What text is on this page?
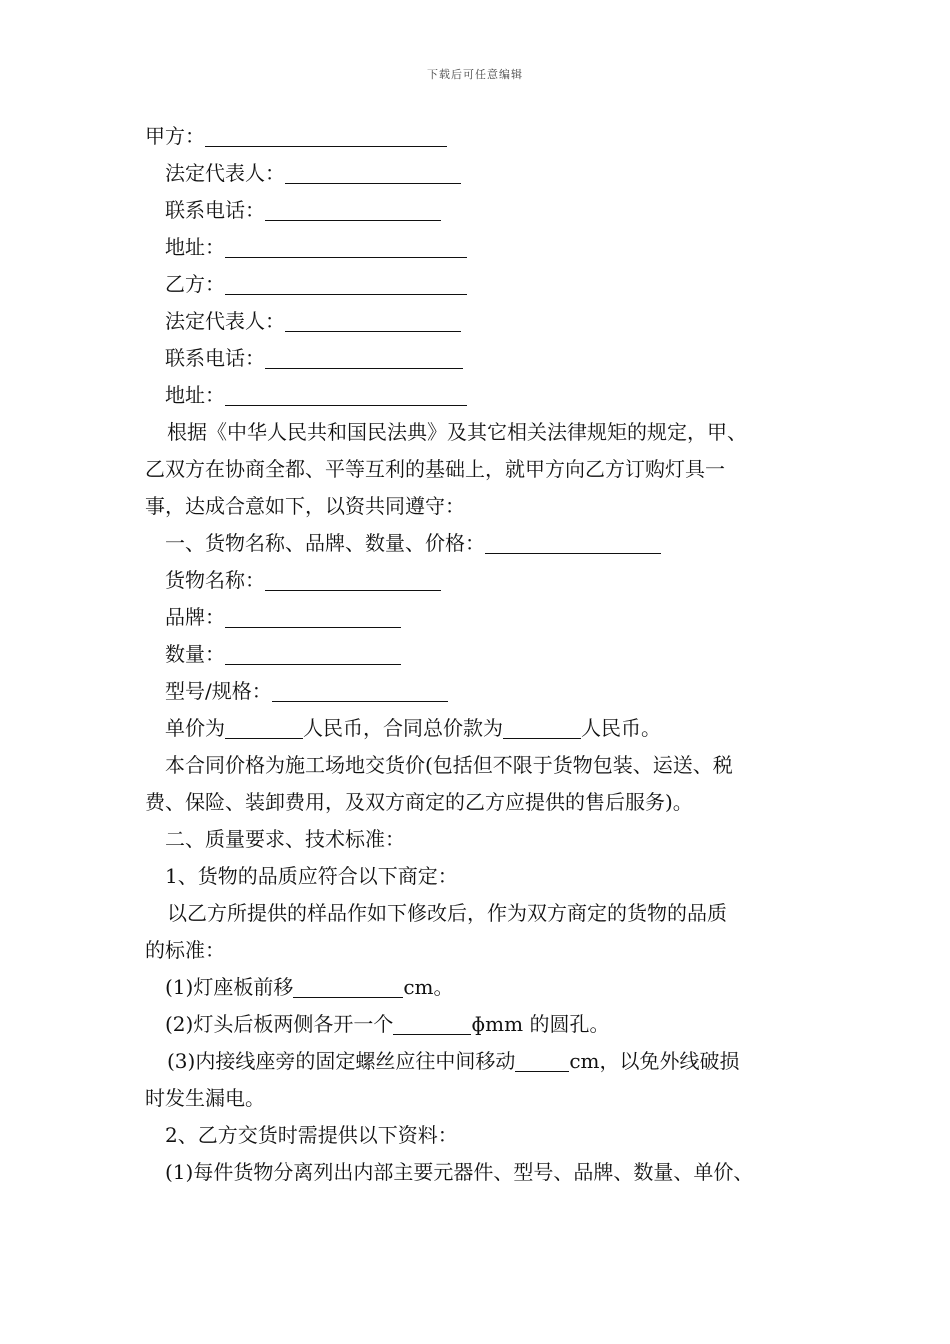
下载后可任意编辑
甲方：
法定代表人：
联系电话：
地址：
乙方：
法定代表人：
联系电话：
地址：
根据《中华人民共和国民法典》及其它相关法律规矩的规定，甲、
乙双方在协商全都、平等互利的基础上，就甲方向乙方订购灯具一
事，达成合意如下，以资共同遵守：
一、货物名称、品牌、数量、价格：
货物名称：
品牌：
数量：
型号/规格：
单价为	人民币，合同总价款为	人民币。
本合同价格为施工场地交货价(包括但不限于货物包装、运送、税
费、保险、装卸费用，及双方商定的乙方应提供的售后服务)。
二、质量要求、技术标准：
1、货物的品质应符合以下商定：
以乙方所提供的样品作如下修改后，作为双方商定的货物的品质
的标准：
(1)灯座板前移	cm。
(2)灯头后板两侧各开一个	ɸmm 的圆孔。
(3)内接线座旁的固定螺丝应往中间移动	cm，以免外线破损
时发生漏电。
2、乙方交货时需提供以下资料：
(1)每件货物分离列出内部主要元器件、型号、品牌、数量、单价、
